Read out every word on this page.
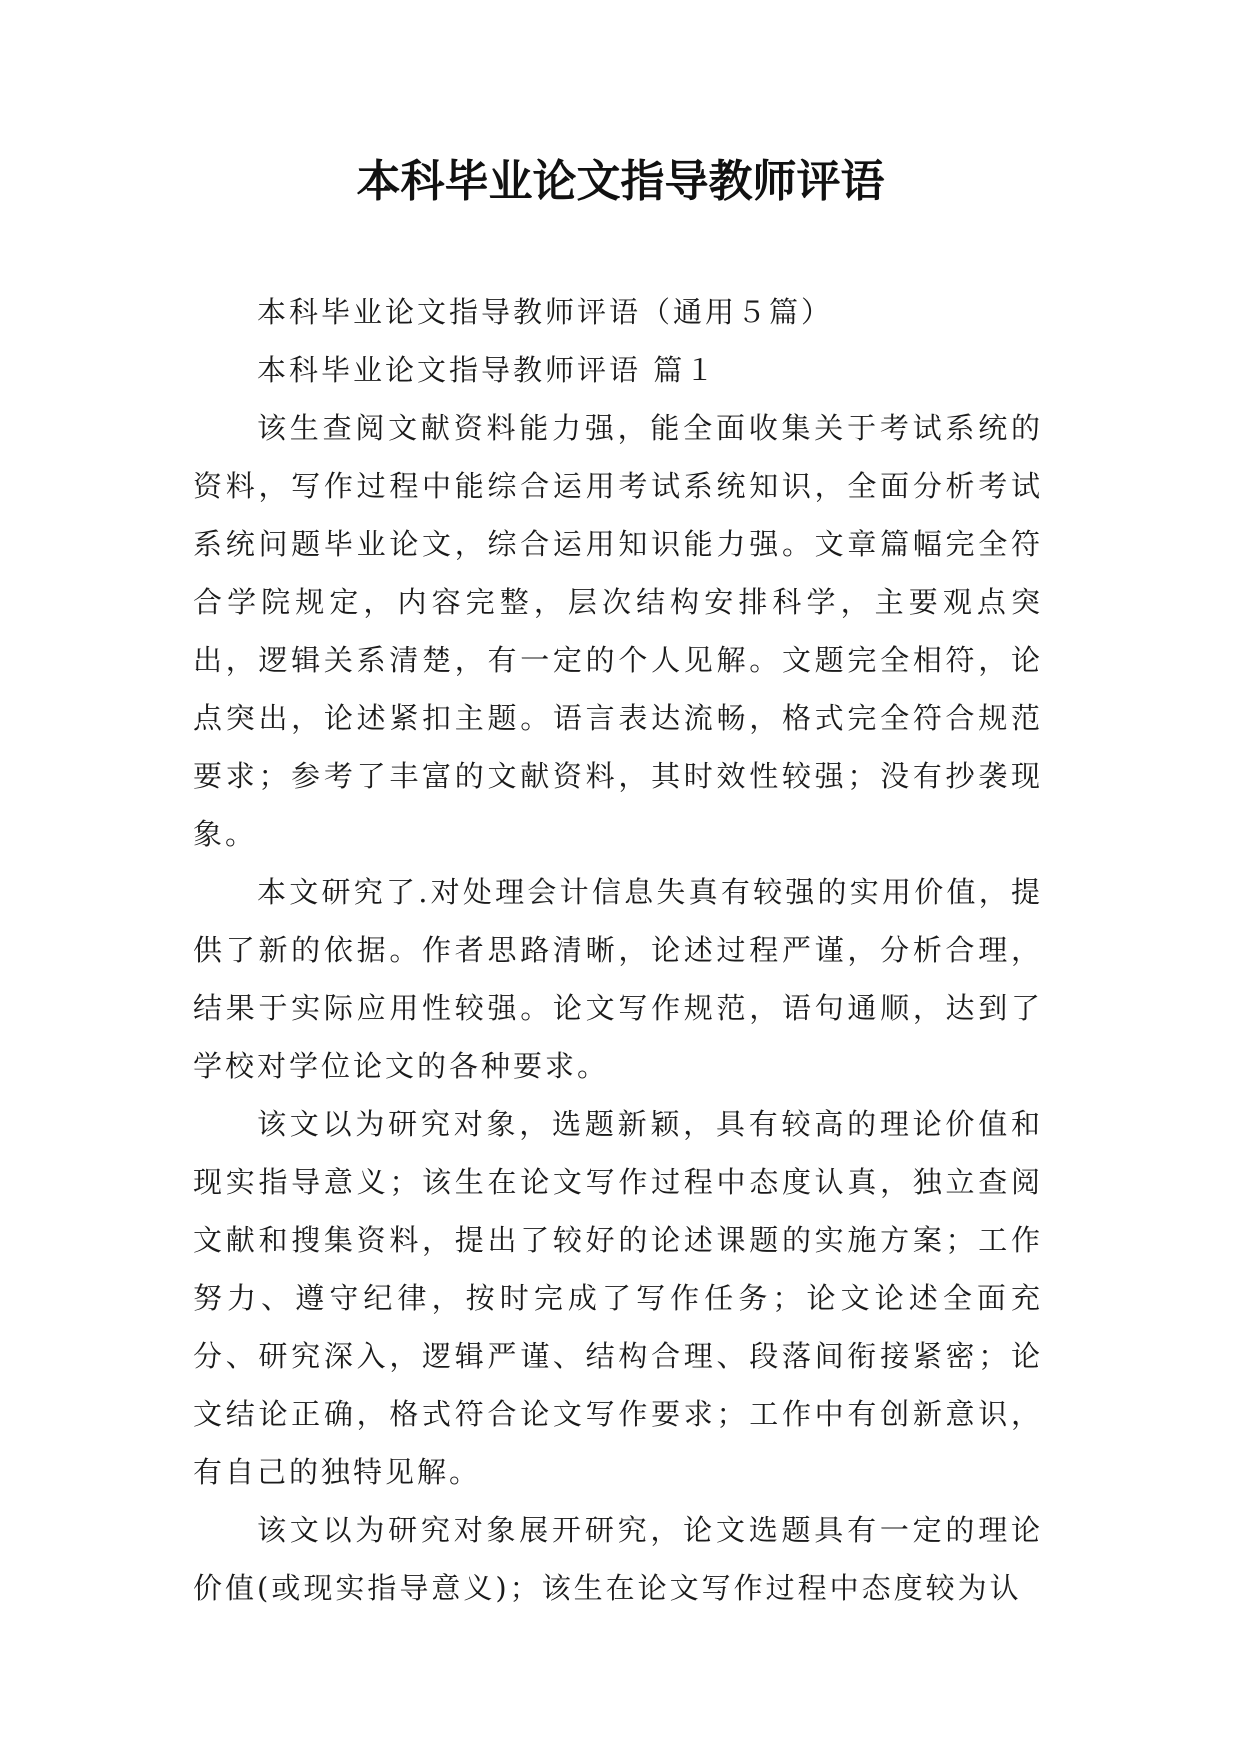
本科毕业论文指导教师评语

本科毕业论文指导教师评语（通用５篇）

本科毕业论文指导教师评语 篇１

该生查阅文献资料能力强，能全面收集关于考试系统的资料，写作过程中能综合运用考试系统知识，全面分析考试系统问题毕业论文，综合运用知识能力强。文章篇幅完全符合学院规定，内容完整，层次结构安排科学，主要观点突出，逻辑关系清楚，有一定的个人见解。文题完全相符，论点突出，论述紧扣主题。语言表达流畅，格式完全符合规范要求；参考了丰富的文献资料，其时效性较强；没有抄袭现象。

本文研究了.对处理会计信息失真有较强的实用价值，提供了新的依据。作者思路清晰，论述过程严谨，分析合理，结果于实际应用性较强。论文写作规范，语句通顺，达到了学校对学位论文的各种要求。

该文以为研究对象，选题新颖，具有较高的理论价值和现实指导意义；该生在论文写作过程中态度认真，独立查阅文献和搜集资料，提出了较好的论述课题的实施方案；工作努力、遵守纪律，按时完成了写作任务；论文论述全面充分、研究深入，逻辑严谨、结构合理、段落间衔接紧密；论文结论正确，格式符合论文写作要求；工作中有创新意识，有自己的独特见解。

该文以为研究对象展开研究，论文选题具有一定的理论价值(或现实指导意义)；该生在论文写作过程中态度较为认
